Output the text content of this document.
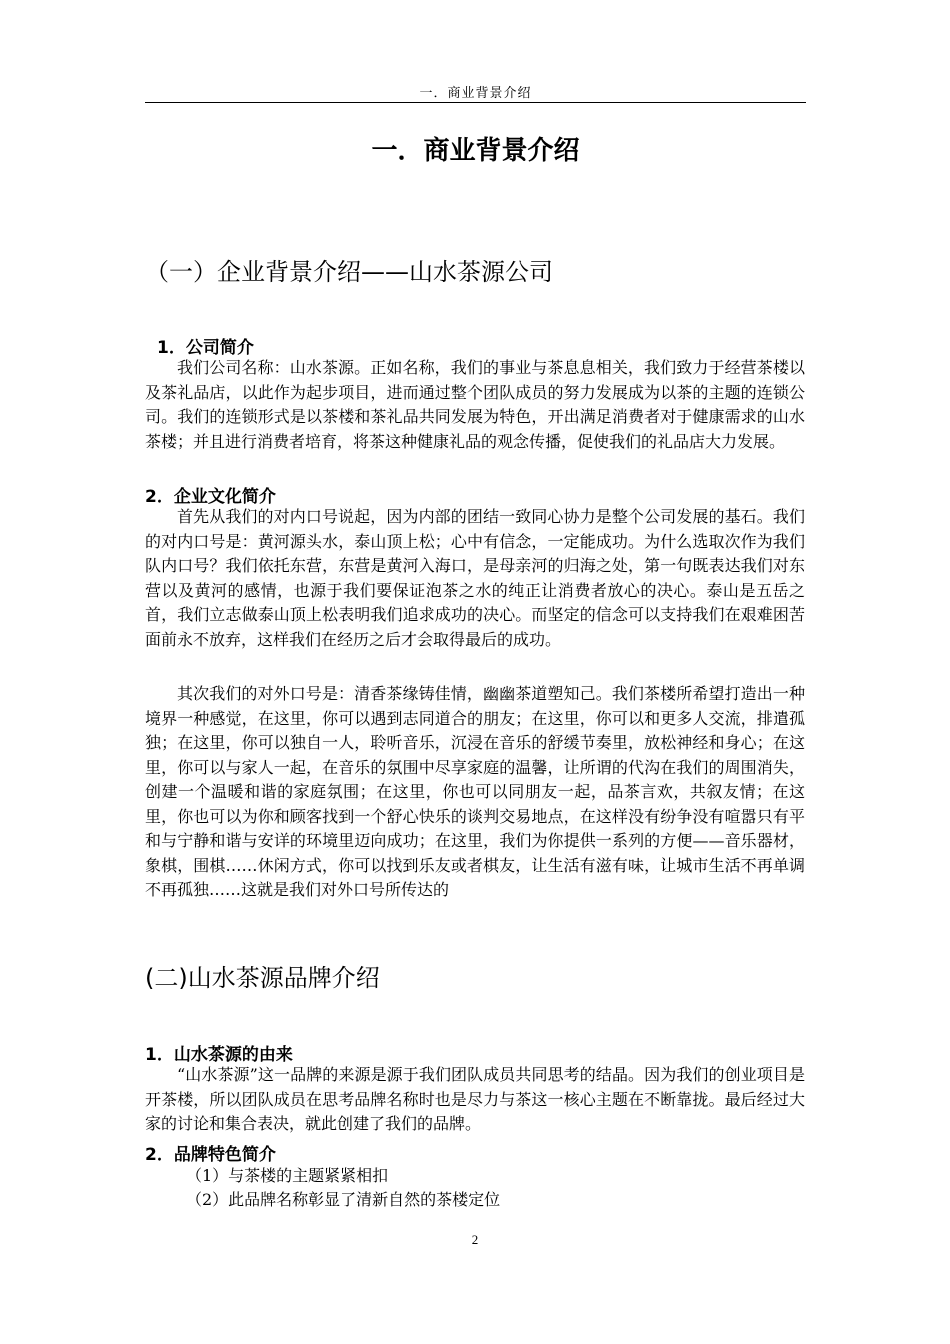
一．商业背景介绍
一．商业背景介绍
（一）企业背景介绍——山水茶源公司
1．公司简介

我们公司名称：山水茶源。正如名称，我们的事业与茶息息相关，我们致力于经营茶楼以及茶礼品店，以此作为起步项目，进而通过整个团队成员的努力发展成为以茶的主题的连锁公司。我们的连锁形式是以茶楼和茶礼品共同发展为特色，开出满足消费者对于健康需求的山水茶楼；并且进行消费者培育，将茶这种健康礼品的观念传播，促使我们的礼品店大力发展。

2．企业文化简介

首先从我们的对内口号说起，因为内部的团结一致同心协力是整个公司发展的基石。我们的对内口号是：黄河源头水，泰山顶上松；心中有信念，一定能成功。为什么选取次作为我们队内口号？我们依托东营，东营是黄河入海口，是母亲河的归海之处，第一句既表达我们对东营以及黄河的感情，也源于我们要保证泡茶之水的纯正让消费者放心的决心。泰山是五岳之首，我们立志做泰山顶上松表明我们追求成功的决心。而坚定的信念可以支持我们在艰难困苦面前永不放弃，这样我们在经历之后才会取得最后的成功。

其次我们的对外口号是：清香茶缘铸佳情，幽幽茶道塑知己。我们茶楼所希望打造出一种境界一种感觉，在这里，你可以遇到志同道合的朋友；在这里，你可以和更多人交流，排遣孤独；在这里，你可以独自一人，聆听音乐，沉浸在音乐的舒缓节奏里，放松神经和身心；在这里，你可以与家人一起，在音乐的氛围中尽享家庭的温馨，让所谓的代沟在我们的周围消失，创建一个温暖和谐的家庭氛围；在这里，你也可以同朋友一起，品茶言欢，共叙友情；在这里，你也可以为你和顾客找到一个舒心快乐的谈判交易地点，在这样没有纷争没有喧嚣只有平和与宁静和谐与安详的环境里迈向成功；在这里，我们为你提供一系列的方便——音乐器材，象棋，围棋……休闲方式，你可以找到乐友或者棋友，让生活有滋有味，让城市生活不再单调不再孤独……这就是我们对外口号所传达的

(二)山水茶源品牌介绍
1．山水茶源的由来

“山水茶源”这一品牌的来源是源于我们团队成员共同思考的结晶。因为我们的创业项目是开茶楼，所以团队成员在思考品牌名称时也是尽力与茶这一核心主题在不断靠拢。最后经过大家的讨论和集合表决，就此创建了我们的品牌。

2．品牌特色简介
（1）与茶楼的主题紧紧相扣
（2）此品牌名称彰显了清新自然的茶楼定位
2
